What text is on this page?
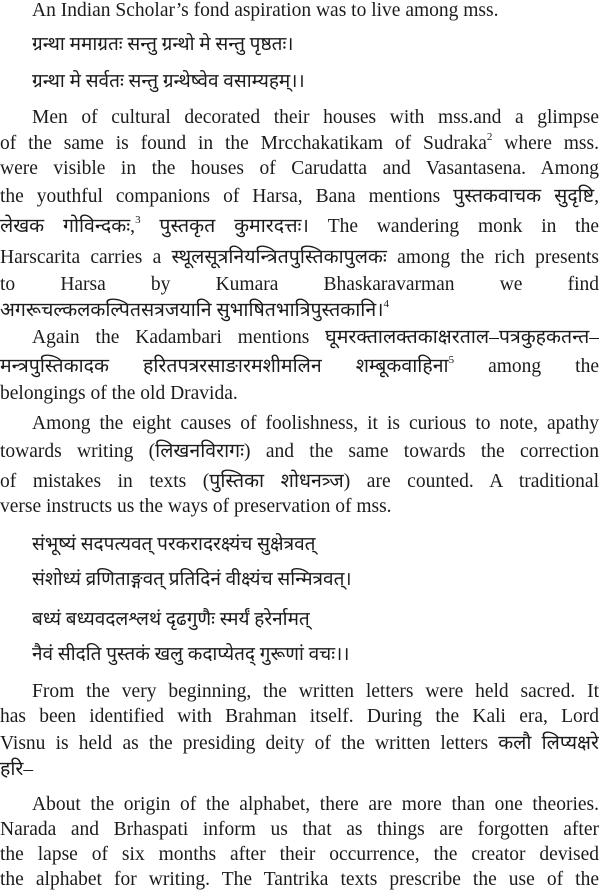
An Indian Scholar’s fond aspiration was to live among mss.
ग्रन्था ममाग्रतः सन्तु ग्रन्थो मे सन्तु पृष्ठतः।
ग्रन्था मे सर्वतः सन्तु ग्रन्थेष्वेव वसाम्यहम्।।
Men of cultural decorated their houses with mss.and a glimpse
of the same is found in the Mrcchakatikam of Sudraka$^2$ where mss.
were visible in the houses of Carudatta and Vasantasena. Among
the youthful companions of Harsa, Bana mentions पुस्तकवाचक सुदृष्टि,
लेखक गोविन्दकः,$^3$ पुस्तकृत कुमारदत्तः। The wandering monk in the
Harscarita carries a स्थूलसूत्रनियन्त्रितपुस्तिकापुलकः among the rich presents
to Harsa by Kumara Bhaskaravarman we find
अगरूचल्कलकल्पितसत्रजयानि सुभाषितभात्रिपुस्तकानि।$^4$
Again the Kadambari mentions घूमरक्तालक्तकाक्षरताल–पत्रकुहकतन्त–
मन्त्रपुस्तिकादक हरितपत्ररसाङारमशीमलिन शम्बूकवाहिना$^5$ among the
belongings of the old Dravida.
Among the eight causes of foolishness, it is curious to note, apathy
towards writing (लिखनविरागः) and the same towards the correction
of mistakes in texts (पुस्तिका शोधनत्र्ज) are counted. A traditional
verse instructs us the ways of preservation of mss.
संभूष्यं सदपत्यवत् परकरादरक्ष्यंच सुक्षेत्रवत्
संशोध्यं व्रणिताङ्गवत् प्रतिदिनं वीक्ष्यंच सन्मित्रवत्।
बध्यं बध्यवदलश्लथं दृढगुणैः स्मर्यं हरेर्नामत्
नैवं सीदति पुस्तकं खलु कदाप्येतद् गुरूणां वचः।।
From the very beginning, the written letters were held sacred. It
has been identified with Brahman itself. During the Kali era, Lord
Visnu is held as the presiding deity of the written letters कलौ लिप्यक्षरे
हरि–
About the origin of the alphabet, there are more than one theories.
Narada and Brhaspati inform us that as things are forgotten after
the lapse of six months after their occurrence, the creator devised
the alphabet for writing. The Tantrika texts prescribe the use of the
